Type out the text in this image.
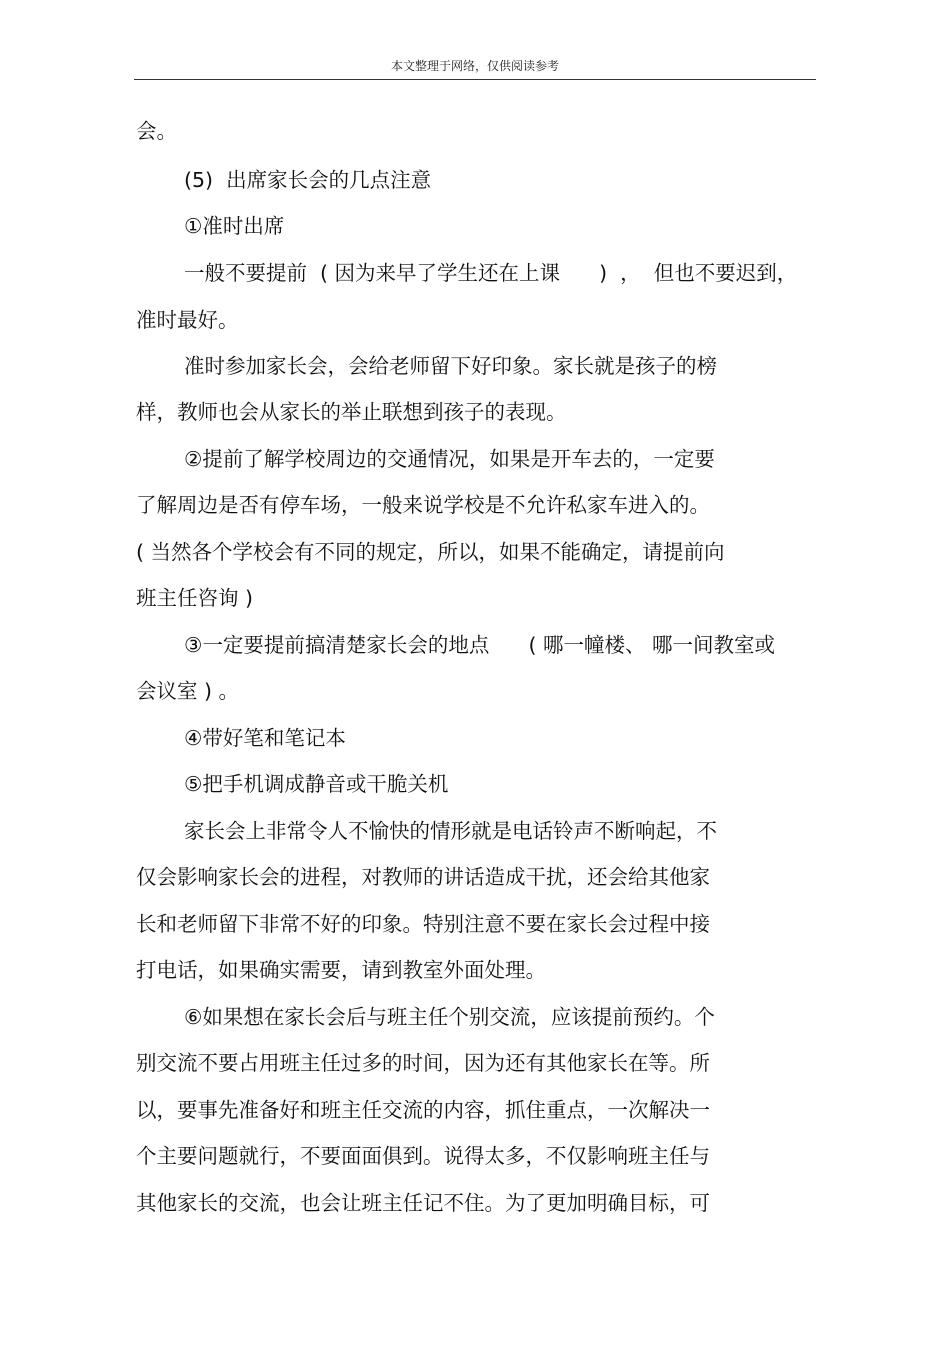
本文整理于网络，仅供阅读参考
会。
(5)  出席家长会的几点注意
①准时出席
一般不要提前  ( 因为来早了学生还在上课      )  ，  但也不要迟到，
准时最好。
准时参加家长会，会给老师留下好印象。家长就是孩子的榜
样，教师也会从家长的举止联想到孩子的表现。
②提前了解学校周边的交通情况，如果是开车去的，一定要
了解周边是否有停车场，一般来说学校是不允许私家车进入的。
( 当然各个学校会有不同的规定，所以，如果不能确定，请提前向
班主任咨询 )
③一定要提前搞清楚家长会的地点      ( 哪一幢楼、 哪一间教室或
会议室 ) 。
④带好笔和笔记本
⑤把手机调成静音或干脆关机
家长会上非常令人不愉快的情形就是电话铃声不断响起，不
仅会影响家长会的进程，对教师的讲话造成干扰，还会给其他家
长和老师留下非常不好的印象。特别注意不要在家长会过程中接
打电话，如果确实需要，请到教室外面处理。
⑥如果想在家长会后与班主任个别交流，应该提前预约。个
别交流不要占用班主任过多的时间，因为还有其他家长在等。所
以，要事先准备好和班主任交流的内容，抓住重点，一次解决一
个主要问题就行，不要面面俱到。说得太多，不仅影响班主任与
其他家长的交流，也会让班主任记不住。为了更加明确目标，可
